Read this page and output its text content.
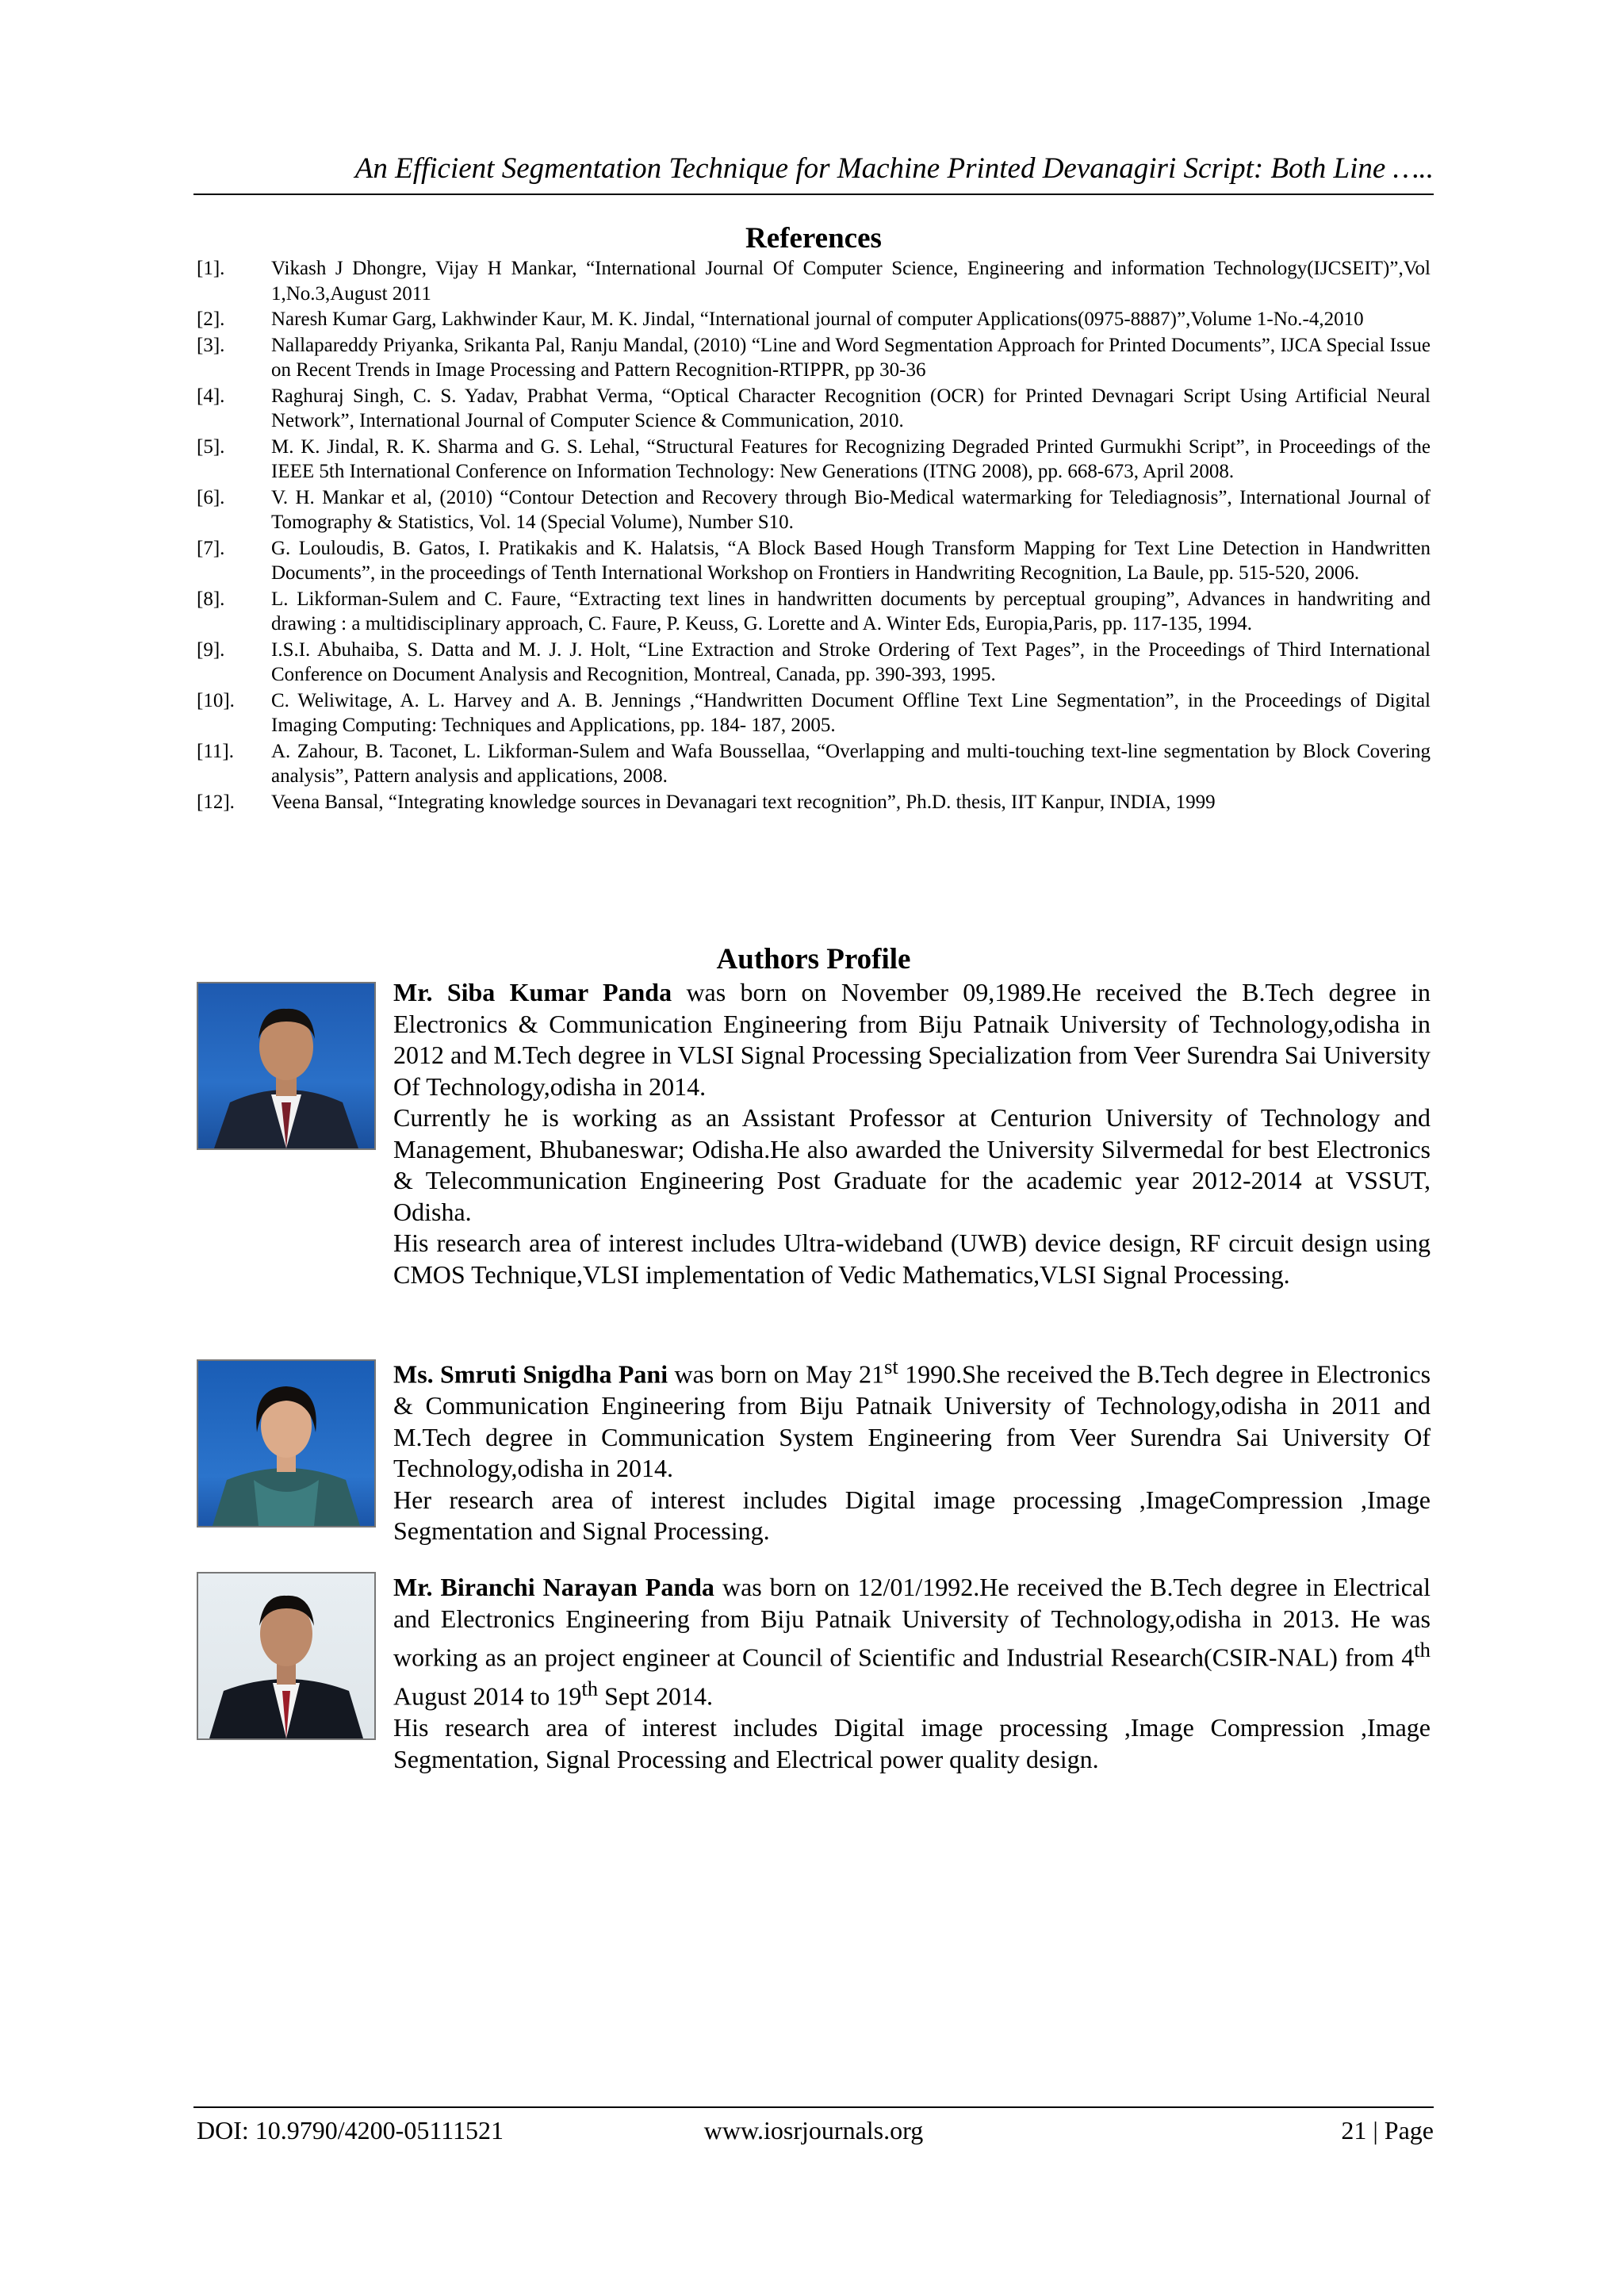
An Efficient Segmentation Technique for Machine Printed Devanagiri Script: Both Line …..
References
[1].	Vikash J Dhongre, Vijay H Mankar, “International Journal Of Computer Science, Engineering and information Technology(IJCSEIT)”,Vol 1,No.3,August 2011
[2].	Naresh Kumar Garg, Lakhwinder Kaur, M. K. Jindal, “International journal of computer Applications(0975-8887)”,Volume 1-No.-4,2010
[3].	Nallapareddy Priyanka, Srikanta Pal, Ranju Mandal, (2010) “Line and Word Segmentation Approach for Printed Documents”, IJCA Special Issue on Recent Trends in Image Processing and Pattern Recognition-RTIPPR, pp 30-36
[4].	Raghuraj Singh, C. S. Yadav, Prabhat Verma, “Optical Character Recognition (OCR) for Printed Devnagari Script Using Artificial Neural Network”, International Journal of Computer Science & Communication, 2010.
[5].	M. K. Jindal, R. K. Sharma and G. S. Lehal, “Structural Features for Recognizing Degraded Printed Gurmukhi Script”, in Proceedings of the IEEE 5th International Conference on Information Technology: New Generations (ITNG 2008), pp. 668-673, April 2008.
[6].	V. H. Mankar et al, (2010) “Contour Detection and Recovery through Bio-Medical watermarking for Telediagnosis”, International Journal of Tomography & Statistics, Vol. 14 (Special Volume), Number S10.
[7].	G. Louloudis, B. Gatos, I. Pratikakis and K. Halatsis, “A Block Based Hough Transform Mapping for Text Line Detection in Handwritten Documents”, in the proceedings of Tenth International Workshop on Frontiers in Handwriting Recognition, La Baule, pp. 515-520, 2006.
[8].	L. Likforman-Sulem and C. Faure, “Extracting text lines in handwritten documents by perceptual grouping”, Advances in handwriting and drawing : a multidisciplinary approach, C. Faure, P. Keuss, G. Lorette and A. Winter Eds, Europia,Paris, pp. 117-135, 1994.
[9].	I.S.I. Abuhaiba, S. Datta and M. J. J. Holt, “Line Extraction and Stroke Ordering of Text Pages”, in the Proceedings of Third International Conference on Document Analysis and Recognition, Montreal, Canada, pp. 390-393, 1995.
[10].	C. Weliwitage, A. L. Harvey and A. B. Jennings ,“Handwritten Document Offline Text Line Segmentation”, in the Proceedings of Digital Imaging Computing: Techniques and Applications, pp. 184- 187, 2005.
[11].	A. Zahour, B. Taconet, L. Likforman-Sulem and Wafa Boussellaa, “Overlapping and multi-touching text-line segmentation by Block Covering analysis”, Pattern analysis and applications, 2008.
[12].	Veena Bansal, “Integrating knowledge sources in Devanagari text recognition”, Ph.D. thesis, IIT Kanpur, INDIA, 1999
Authors Profile

Mr. Siba Kumar Panda was born on November 09,1989.He received the B.Tech degree in Electronics & Communication Engineering from Biju Patnaik University of Technology,odisha in 2012 and M.Tech degree in VLSI Signal Processing Specialization from Veer Surendra Sai University Of Technology,odisha in 2014.

Currently he is working as an Assistant Professor at Centurion University of Technology and Management, Bhubaneswar; Odisha.He also awarded the University Silvermedal for best Electronics & Telecommunication Engineering Post Graduate for the academic year 2012-2014 at VSSUT, Odisha.

His research area of interest includes Ultra-wideband (UWB) device design, RF circuit design using CMOS Technique,VLSI implementation of Vedic Mathematics,VLSI Signal Processing.

Ms. Smruti Snigdha Pani was born on May 21st 1990.She received the B.Tech degree in Electronics & Communication Engineering from Biju Patnaik University of Technology,odisha in 2011 and M.Tech degree in Communication System Engineering from Veer Surendra Sai University Of Technology,odisha in 2014.

Her research area of interest includes Digital image processing ,ImageCompression ,Image Segmentation and Signal Processing.

Mr. Biranchi Narayan Panda was born on 12/01/1992.He received the B.Tech degree in Electrical and Electronics Engineering from Biju Patnaik University of Technology,odisha in 2013. He was working as an project engineer at Council of Scientific and Industrial Research(CSIR-NAL) from 4th August 2014 to 19th Sept 2014.

His research area of interest includes Digital image processing ,Image Compression ,Image Segmentation, Signal Processing and Electrical power quality design.

DOI: 10.9790/4200-05111521	www.iosrjournals.org	21 | Page
